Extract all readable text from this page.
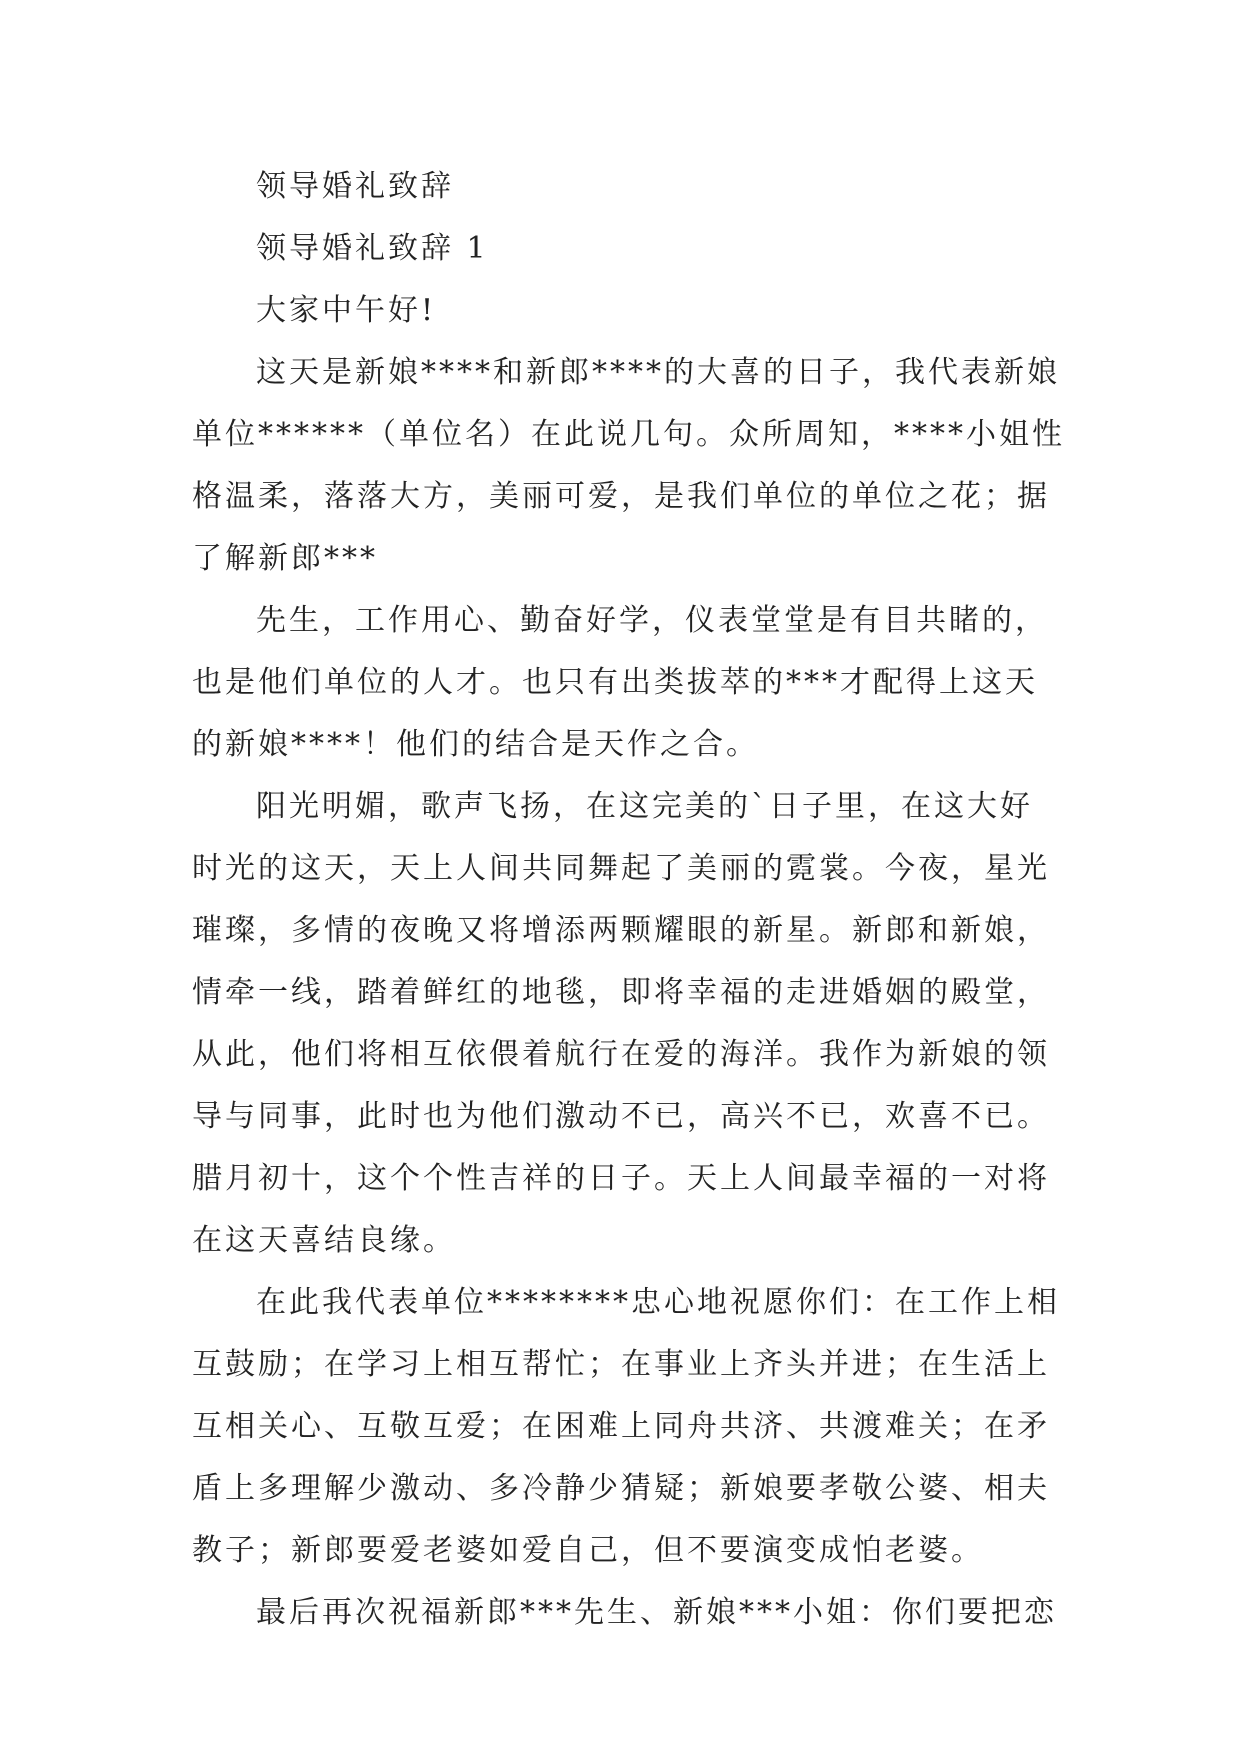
领导婚礼致辞
领导婚礼致辞 1
大家中午好!
这天是新娘****和新郎****的大喜的日子，我代表新娘
单位******（单位名）在此说几句。众所周知，****小姐性
格温柔，落落大方，美丽可爱，是我们单位的单位之花；据
了解新郎***
先生，工作用心、勤奋好学，仪表堂堂是有目共睹的，
也是他们单位的人才。也只有出类拔萃的***才配得上这天
的新娘****！他们的结合是天作之合。
阳光明媚，歌声飞扬，在这完美的`日子里，在这大好
时光的这天，天上人间共同舞起了美丽的霓裳。今夜，星光
璀璨，多情的夜晚又将增添两颗耀眼的新星。新郎和新娘，
情牵一线，踏着鲜红的地毯，即将幸福的走进婚姻的殿堂，
从此，他们将相互依偎着航行在爱的海洋。我作为新娘的领
导与同事，此时也为他们激动不已，高兴不已，欢喜不已。
腊月初十，这个个性吉祥的日子。天上人间最幸福的一对将
在这天喜结良缘。
在此我代表单位********忠心地祝愿你们：在工作上相
互鼓励；在学习上相互帮忙；在事业上齐头并进；在生活上
互相关心、互敬互爱；在困难上同舟共济、共渡难关；在矛
盾上多理解少激动、多冷静少猜疑；新娘要孝敬公婆、相夫
教子；新郎要爱老婆如爱自己，但不要演变成怕老婆。
最后再次祝福新郎***先生、新娘***小姐：你们要把恋
